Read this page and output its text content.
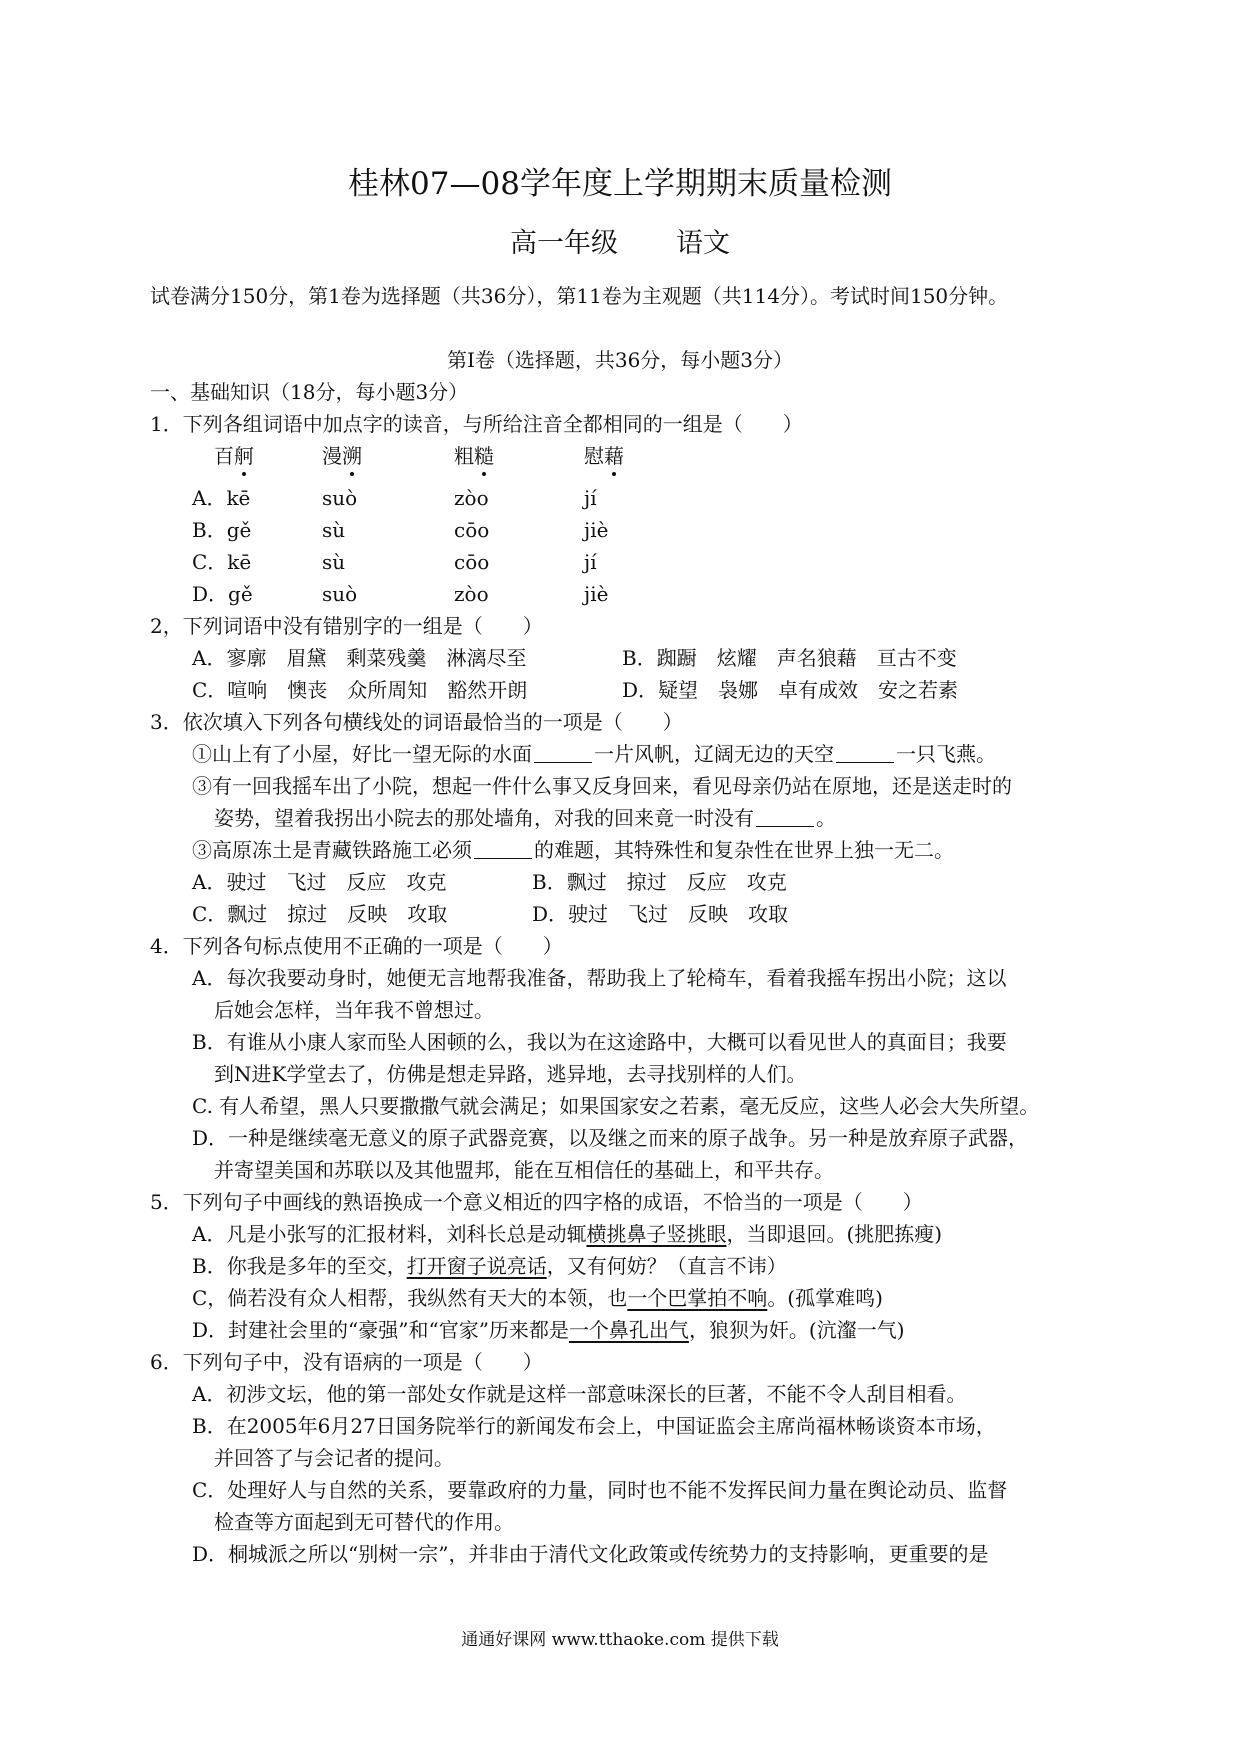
桂林07—08学年度上学期期末质量检测
高一年级 语文
试卷满分150分，第1卷为选择题（共36分），第11卷为主观题（共114分）。考试时间150分钟。
第Ⅰ卷（选择题，共36分，每小题3分）
一、基础知识（18分，每小题3分）
1．下列各组词语中加点字的读音，与所给注音全都相同的一组是（　　）
百舸	漫溯	粗糙	慰藉
A．kē	suò	zòo	jí
B．gě	sù	cōo	jiè
C．kē	sù	cōo	jí
D．gě	suò	zòo	jiè
2，下列词语中没有错别字的一组是（　　）
A．寥廓　眉黛　剩菜残羹　淋漓尽至	B．踟蹰　炫耀　声名狼藉　亘古不变
C．喧响　懊丧　众所周知　豁然开朗	D．疑望　袅娜　卓有成效　安之若素
3．依次填入下列各句横线处的词语最恰当的一项是（　　）
①山上有了小屋，好比一望无际的水面	一片风帆，辽阔无边的天空	一只飞燕。
③有一回我摇车出了小院，想起一件什么事又反身回来，看见母亲仍站在原地，还是送走时的
姿势，望着我拐出小院去的那处墙角，对我的回来竟一时没有	。
③高原冻土是青藏铁路施工必须	的难题，其特殊性和复杂性在世界上独一无二。
A．驶过　飞过　反应　攻克	B．飘过　掠过　反应　攻克
C．飘过　掠过　反映　攻取	D．驶过　飞过　反映　攻取
4．下列各句标点使用不正确的一项是（　　）
A．每次我要动身时，她便无言地帮我准备，帮助我上了轮椅车，看着我摇车拐出小院；这以
后她会怎样，当年我不曾想过。
B．有谁从小康人家而坠人困顿的么，我以为在这途路中，大概可以看见世人的真面目；我要
到N进K学堂去了，仿佛是想走异路，逃异地，去寻找别样的人们。
C. 有人希望，黑人只要撒撒气就会满足；如果国家安之若素，毫无反应，这些人必会大失所望。
D．一种是继续毫无意义的原子武器竞赛，以及继之而来的原子战争。另一种是放弃原子武器，
并寄望美国和苏联以及其他盟邦，能在互相信任的基础上，和平共存。
5．下列句子中画线的熟语换成一个意义相近的四字格的成语，不恰当的一项是（　　）
A．凡是小张写的汇报材料，刘科长总是动辄横挑鼻子竖挑眼，当即退回。(挑肥拣瘦)
B．你我是多年的至交，打开窗子说亮话，又有何妨？（直言不讳）
C，倘若没有众人相帮，我纵然有天大的本领，也一个巴掌拍不响。(孤掌难鸣)
D．封建社会里的“豪强”和“官家”历来都是一个鼻孔出气，狼狈为奸。(沆瀣一气)
6．下列句子中，没有语病的一项是（　　）
A．初涉文坛，他的第一部处女作就是这样一部意味深长的巨著，不能不令人刮目相看。
B．在2005年6月27日国务院举行的新闻发布会上，中国证监会主席尚福林畅谈资本市场，
并回答了与会记者的提问。
C．处理好人与自然的关系，要靠政府的力量，同时也不能不发挥民间力量在舆论动员、监督
检查等方面起到无可替代的作用。
D．桐城派之所以“别树一宗”，并非由于清代文化政策或传统势力的支持影响，更重要的是
通通好课网 www.tthaoke.com 提供下载
